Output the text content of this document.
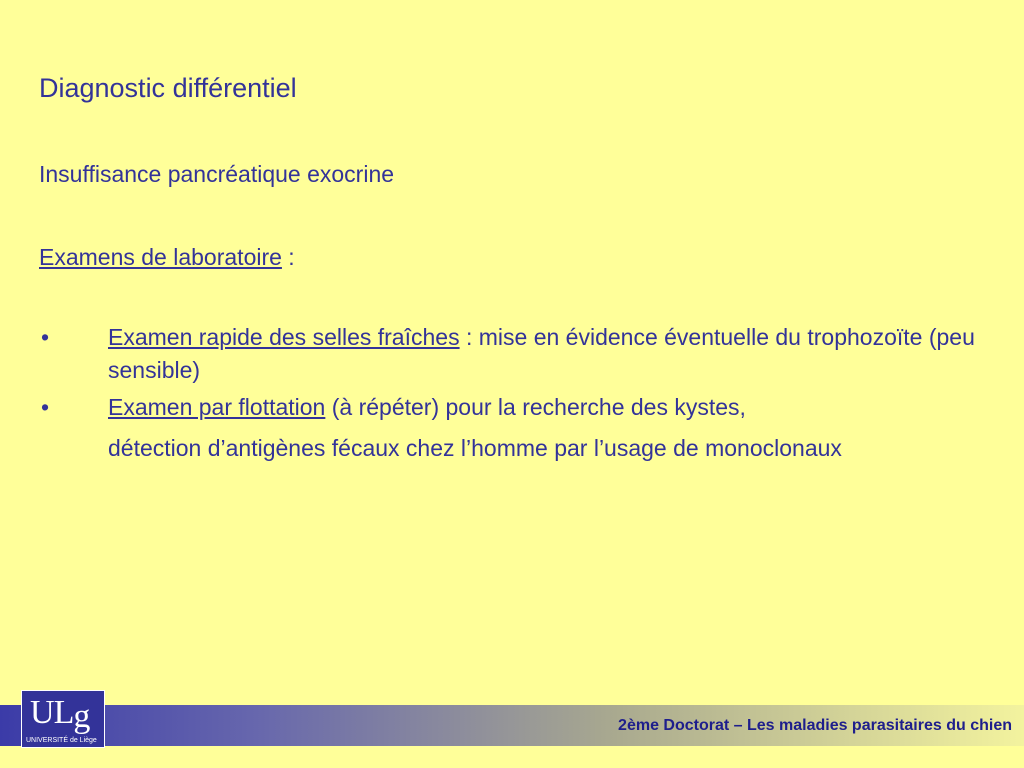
Diagnostic différentiel
Insuffisance pancréatique exocrine
Examens de laboratoire :
•	Examen rapide des selles fraîches : mise en évidence éventuelle du trophozoïte (peu sensible)
•	Examen par flottation (à répéter) pour la recherche des kystes,
détection d’antigènes fécaux chez l’homme par l’usage de monoclonaux
2ème Doctorat – Les maladies parasitaires du chien
ULg
UNIVERSITÉ de Liège
